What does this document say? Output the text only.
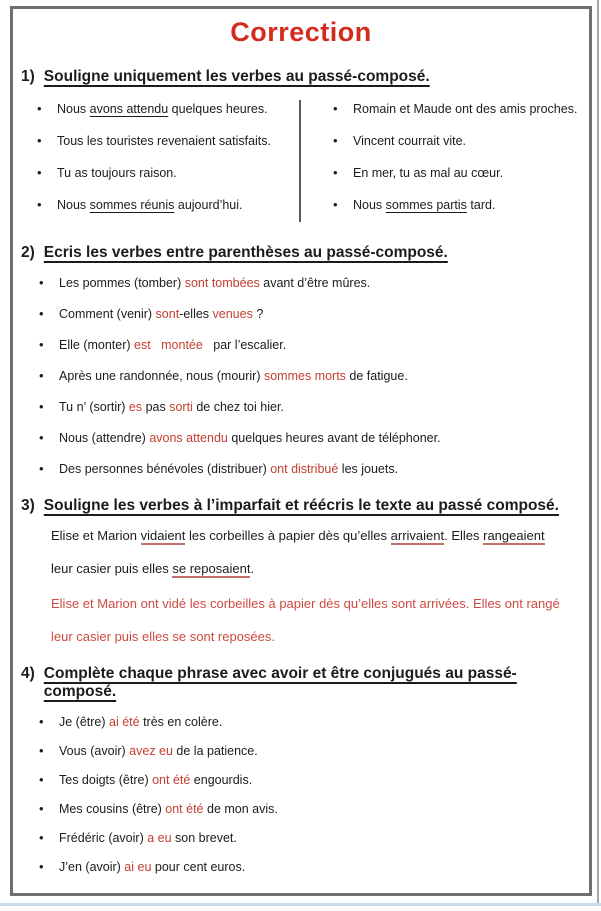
Correction
1) Souligne uniquement les verbes au passé-composé.
• Nous avons attendu quelques heures.
• Tous les touristes revenaient satisfaits.
• Tu as toujours raison.
• Nous sommes réunis aujourd’hui.
• Romain et Maude ont des amis proches.
• Vincent courrait vite.
• En mer, tu as mal au cœur.
• Nous sommes partis tard.
2) Ecris les verbes entre parenthèses au passé-composé.
• Les pommes (tomber) sont tombées avant d’être mûres.
• Comment (venir) sont-elles venues ?
• Elle (monter) est   montée   par l’escalier.
• Après une randonnée, nous (mourir) sommes morts de fatigue.
• Tu n’ (sortir) es pas sorti de chez toi hier.
• Nous (attendre) avons attendu quelques heures avant de téléphoner.
• Des personnes bénévoles (distribuer) ont distribué les jouets.
3) Souligne les verbes à l’imparfait et réécris le texte au passé composé.
Elise et Marion vidaient les corbeilles à papier dès qu’elles arrivaient. Elles rangeaient leur casier puis elles se reposaient.
Elise et Marion ont vidé les corbeilles à papier dès qu’elles sont arrivées. Elles ont rangé leur casier puis elles se sont reposées.
4) Complète chaque phrase avec avoir et être conjugués au passé-composé.
• Je (être) ai été très en colère.
• Vous (avoir) avez eu de la patience.
• Tes doigts (être) ont été engourdis.
• Mes cousins (être) ont été de mon avis.
• Frédéric (avoir) a eu son brevet.
• J’en (avoir) ai eu pour cent euros.
